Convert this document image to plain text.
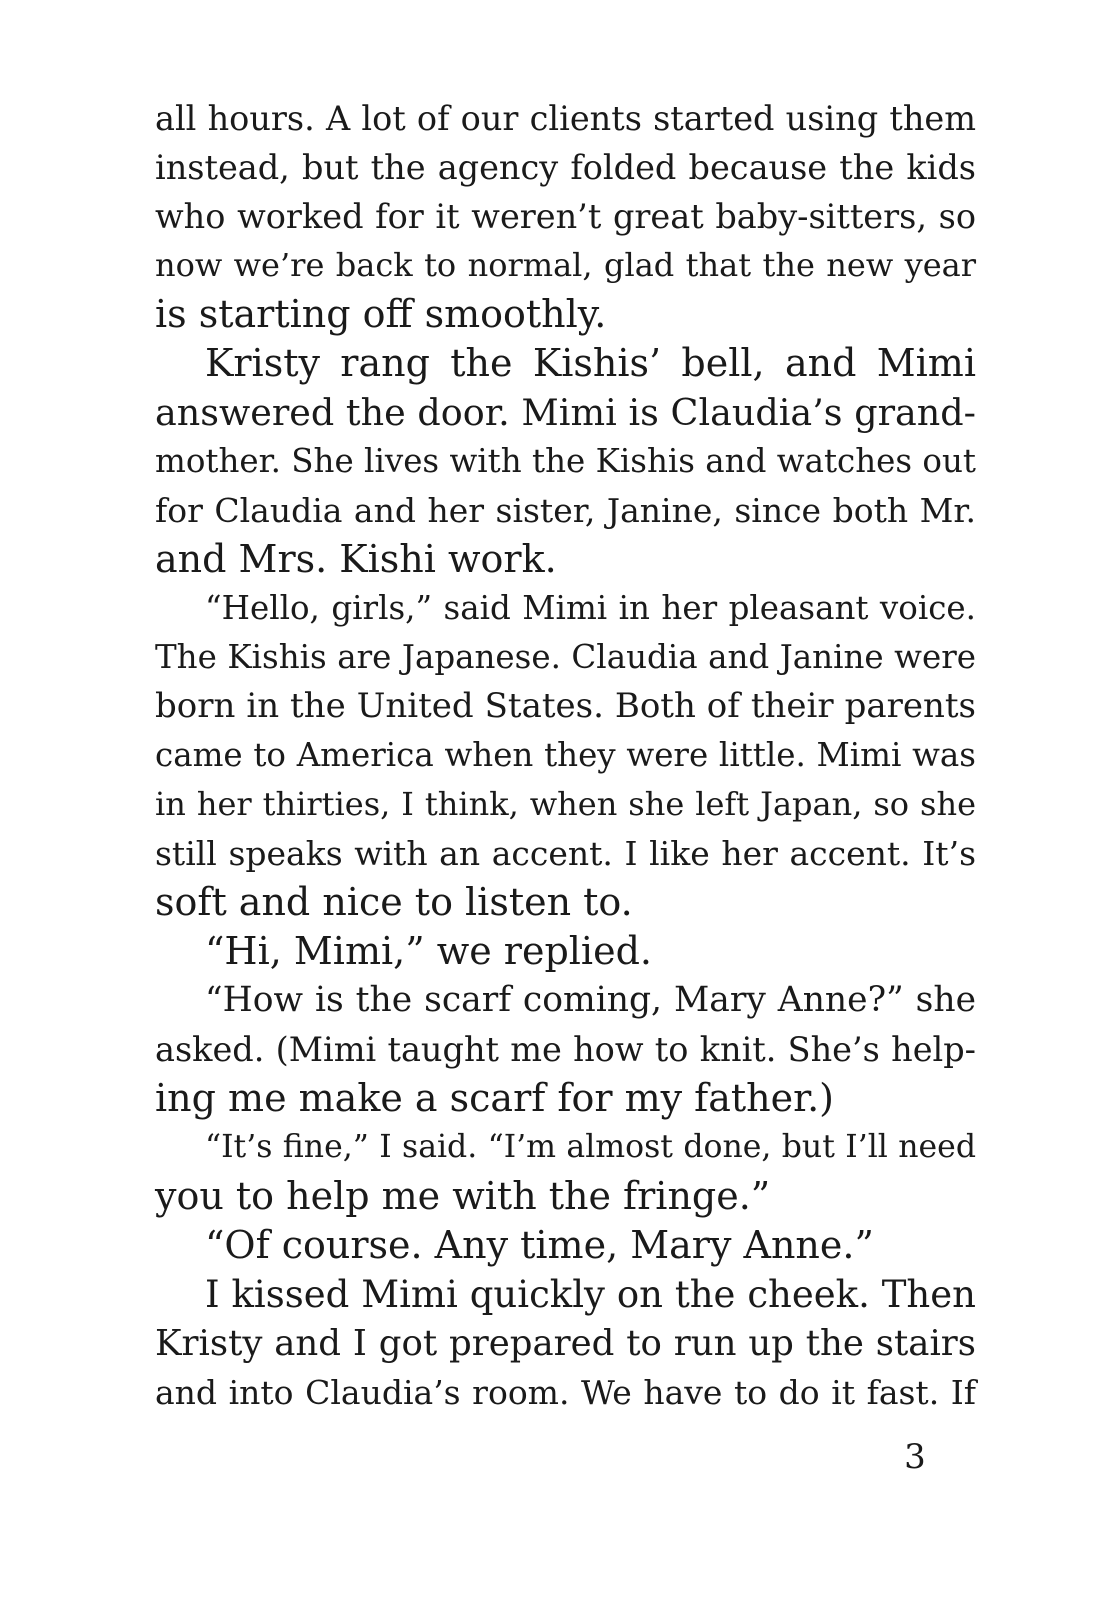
all hours. A lot of our clients started using them
instead, but the agency folded because the kids
who worked for it weren’t great baby-sitters, so
now we’re back to normal, glad that the new year
is starting off smoothly.
Kristy rang the Kishis’ bell, and Mimi
answered the door. Mimi is Claudia’s grand-
mother. She lives with the Kishis and watches out
for Claudia and her sister, Janine, since both Mr.
and Mrs. Kishi work.
“Hello, girls,” said Mimi in her pleasant voice.
The Kishis are Japanese. Claudia and Janine were
born in the United States. Both of their parents
came to America when they were little. Mimi was
in her thirties, I think, when she left Japan, so she
still speaks with an accent. I like her accent. It’s
soft and nice to listen to.
“Hi, Mimi,” we replied.
“How is the scarf coming, Mary Anne?” she
asked. (Mimi taught me how to knit. She’s help-
ing me make a scarf for my father.)
“It’s fine,” I said. “I’m almost done, but I’ll need
you to help me with the fringe.”
“Of course. Any time, Mary Anne.”
I kissed Mimi quickly on the cheek. Then
Kristy and I got prepared to run up the stairs
and into Claudia’s room. We have to do it fast. If
3
